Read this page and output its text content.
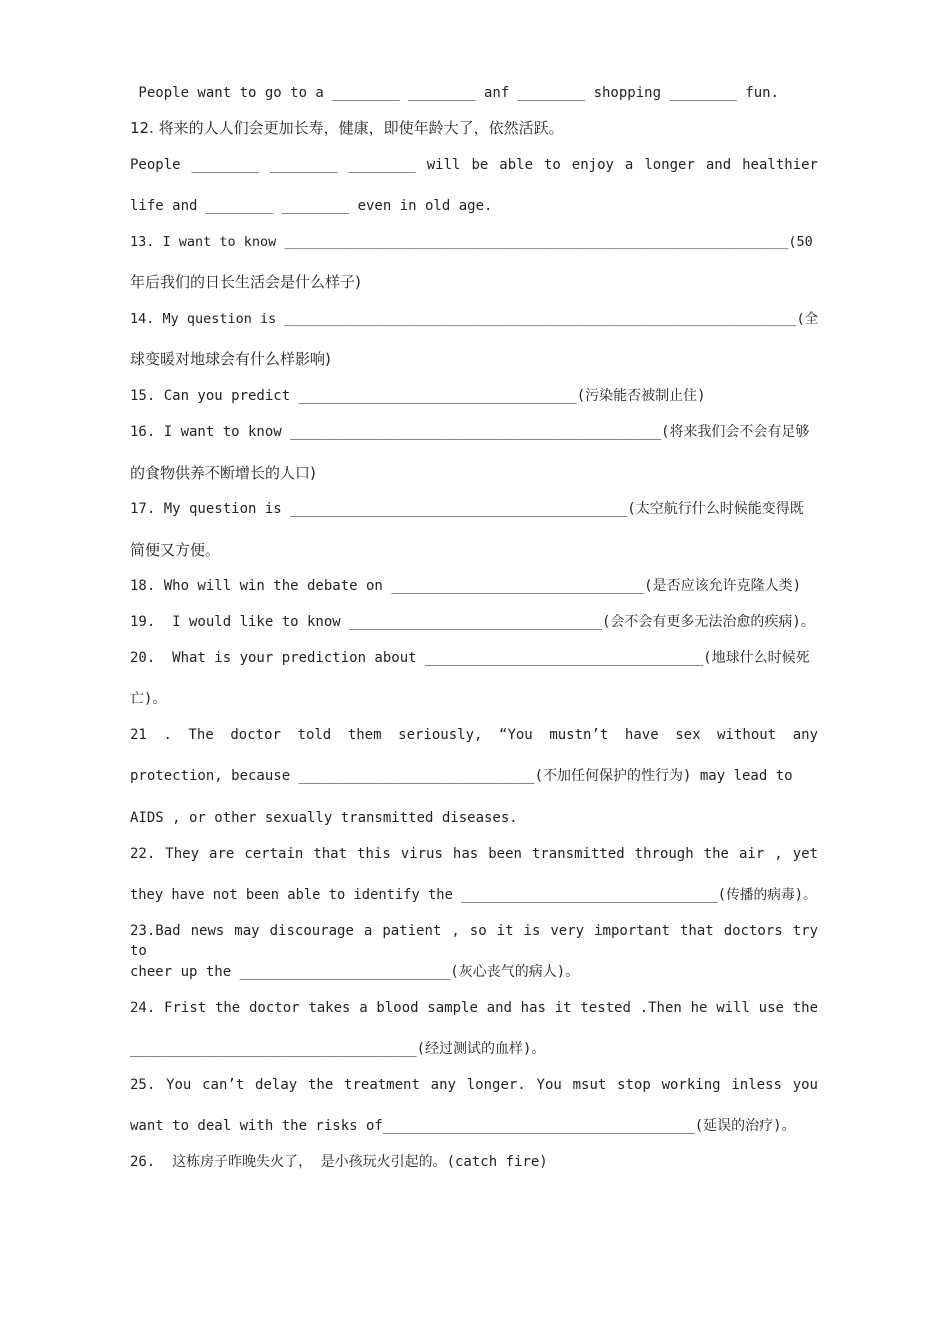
People want to go to a ________ ________ anf ________ shopping ________ fun.
12. 将来的人人们会更加长寿，健康，即使年龄大了，依然活跃。
People ________ ________ ________ will be able to enjoy a longer and healthier
life and ________ ________ even in old age.
13. I want to know ______________________________________________________________(50
年后我们的日长生活会是什么样子)
14. My question is _______________________________________________________________(全
球变暖对地球会有什么样影响)
15. Can you predict _________________________________(污染能否被制止住)
16. I want to know ____________________________________________(将来我们会不会有足够
的食物供养不断增长的人口)
17. My question is ________________________________________(太空航行什么时候能变得既
简便又方便。
18. Who will win the debate on ______________________________(是否应该允许克隆人类)
19.  I would like to know ______________________________(会不会有更多无法治愈的疾病)。
20.  What is your prediction about _________________________________(地球什么时候死
亡)。
21 . The doctor told them seriously, “You mustn’t have sex without any
protection, because ____________________________(不加任何保护的性行为) may lead to
AIDS , or other sexually transmitted diseases.
22. They are certain that this virus has been transmitted through the air , yet
they have not been able to identify the _______________________________(传播的病毒)。
23.Bad news may discourage a patient , so it is very important that doctors try to
cheer up the _________________________(灰心丧气的病人)。
24. Frist the doctor takes a blood sample and has it tested .Then he will use the
__________________________________(经过测试的血样)。
25. You can’t delay the treatment any longer. You msut stop working inless you
want to deal with the risks of_____________________________________(延误的治疗)。
26.  这栋房子昨晚失火了， 是小孩玩火引起的。(catch fire)
